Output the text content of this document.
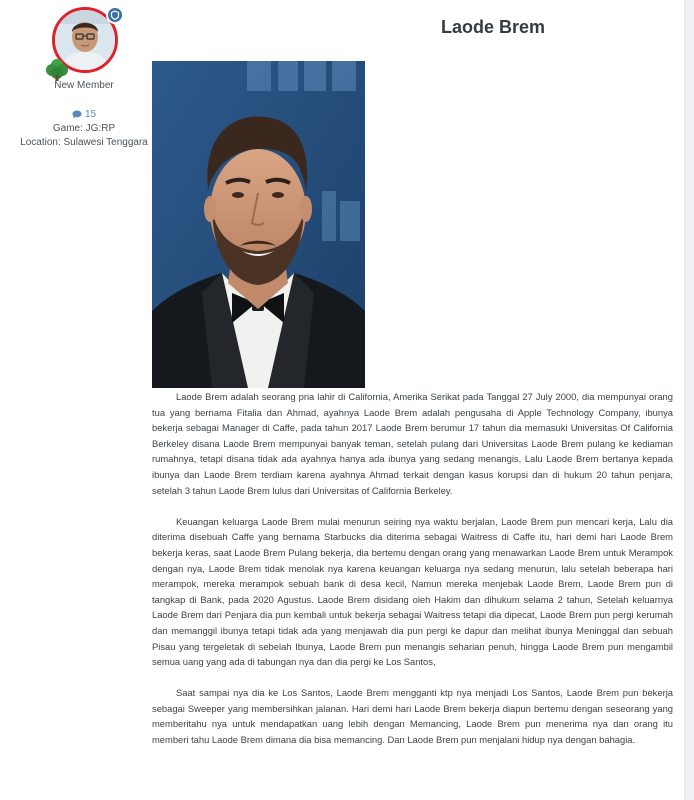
New Member
15
Game: JG:RP
Location: Sulawesi Tenggara
Laode Brem

Laode Brem adalah seorang pria lahir di California, Amerika Serikat pada Tanggal 27 July 2000, dia mempunyai orang tua yang bernama Fitalia dan Ahmad, ayahnya Laode Brem adalah pengusaha di Apple Technology Company, ibunya bekerja sebagai Manager di Caffe, pada tahun 2017 Laode Brem berumur 17 tahun dia memasuki Universitas Of California Berkeley disana Laode Brem mempunyai banyak teman, setelah pulang dari Universitas Laode Brem pulang ke kediaman rumahnya, tetapi disana tidak ada ayahnya hanya ada ibunya yang sedang menangis, Lalu Laode Brem bertanya kepada ibunya dan Laode Brem terdiam karena ayahnya Ahmad terkait dengan kasus korupsi dan di hukum 20 tahun penjara, setelah 3 tahun Laode Brem lulus dari Universitas of California Berkeley.

Keuangan keluarga Laode Brem mulai menurun seiring nya waktu berjalan, Laode Brem pun mencari kerja, Lalu dia diterima disebuah Caffe yang bernama Starbucks dia diterima sebagai Waitress di Caffe itu, hari demi hari Laode Brem bekerja keras, saat Laode Brem Pulang bekerja, dia bertemu dengan orang yang menawarkan Laode Brem untuk Merampok dengan nya, Laode Brem tidak menolak nya karena keuangan keluarga nya sedang menurun, lalu setelah beberapa hari merampok, mereka merampok sebuah bank di desa kecil, Namun mereka menjebak Laode Brem, Laode Brem pun di tangkap di Bank, pada 2020 Agustus. Laode Brem disidang oleh Hakim dan dihukum selama 2 tahun, Setelah keluarnya Laode Brem dari Penjara dia pun kembali untuk bekerja sebagai Waitress tetapi dia dipecat, Laode Brem pun pergi kerumah dan memanggil ibunya tetapi tidak ada yang menjawab dia pun pergi ke dapur dan melihat ibunya Meninggal dan sebuah Pisau yang tergeletak di sebelah Ibunya, Laode Brem pun menangis seharian penuh, hingga Laode Brem pun mengambil semua uang yang ada di tabungan nya dan dia pergi ke Los Santos,

Saat sampai nya dia ke Los Santos, Laode Brem mengganti ktp nya menjadi Los Santos, Laode Brem pun bekerja sebagai Sweeper yang membersihkan jalanan. Hari demi hari Laode Brem bekerja diapun bertemu dengan seseorang yang memberitahu nya untuk mendapatkan uang lebih dengan Memancing, Laode Brem pun menerima nya dan orang itu memberi tahu Laode Brem dimana dia bisa memancing. Dan Laode Brem pun menjalani hidup nya dengan bahagia.
